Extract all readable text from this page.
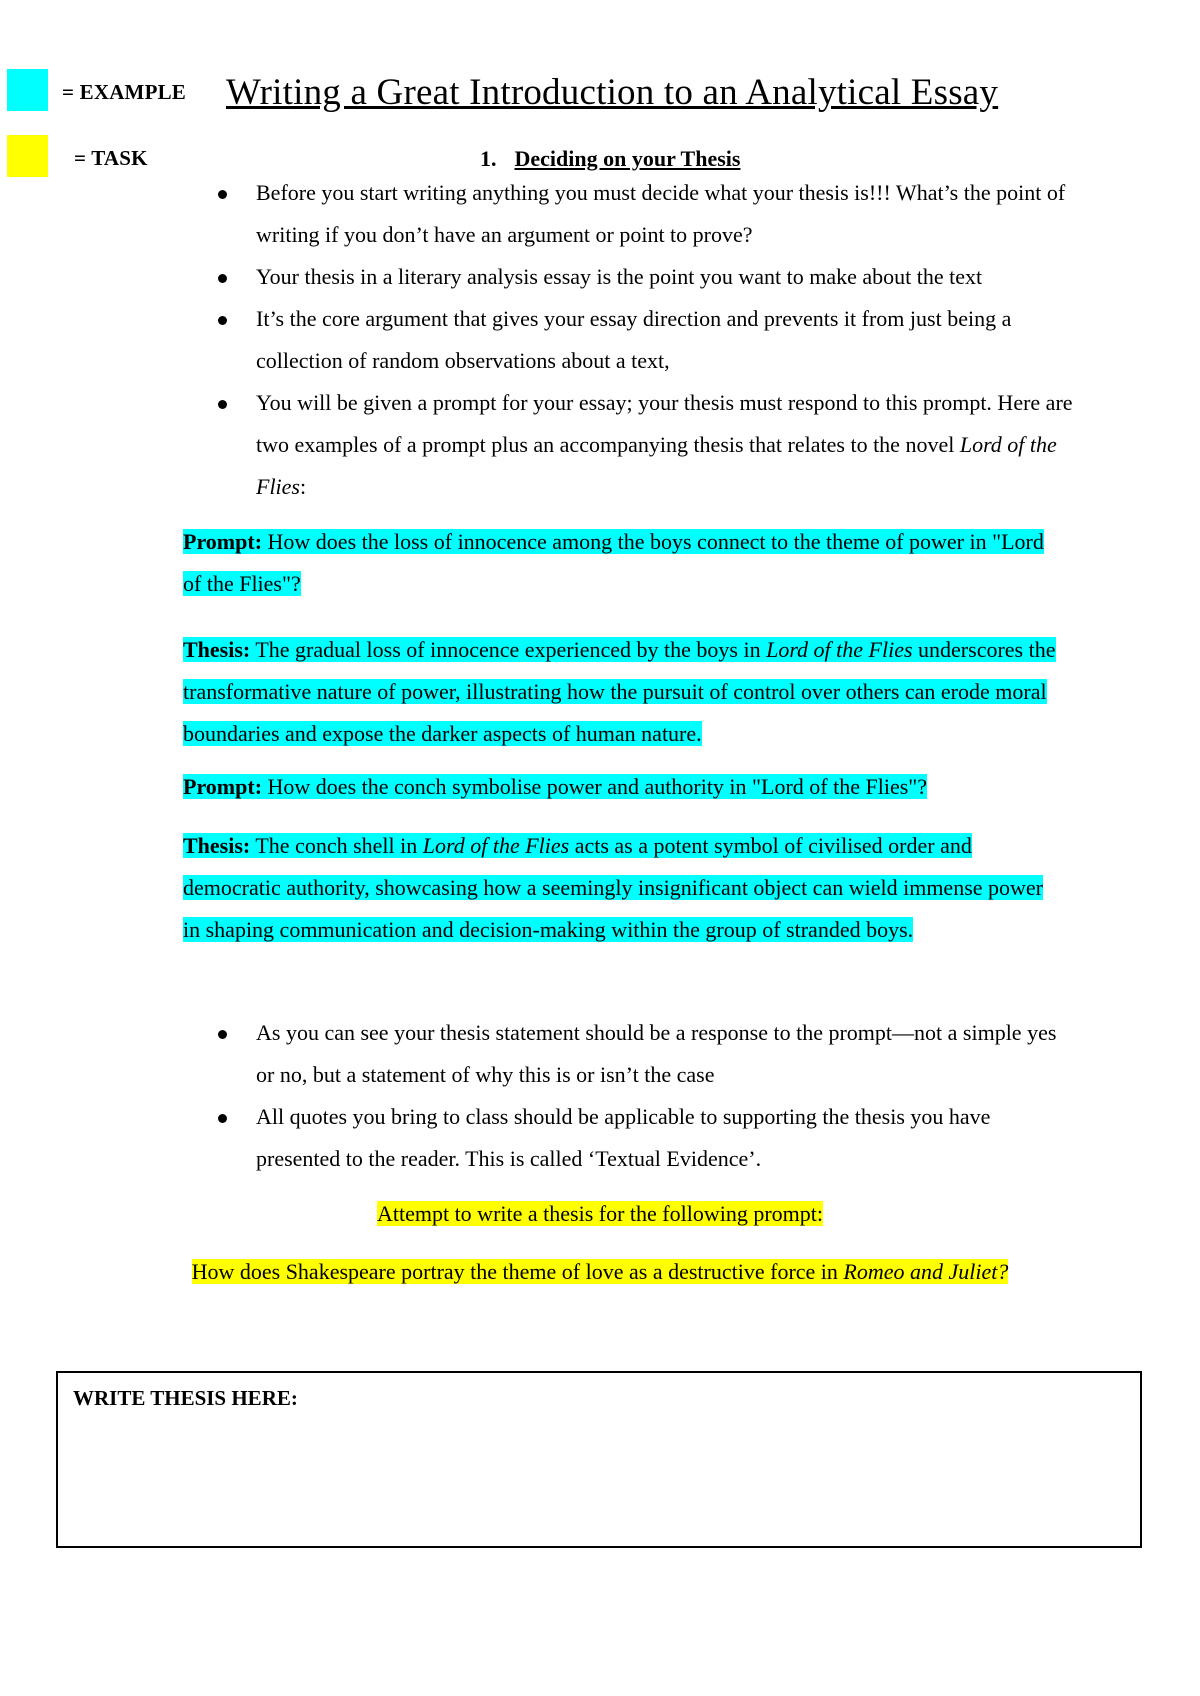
= EXAMPLE
= TASK
Writing a Great Introduction to an Analytical Essay
1. Deciding on your Thesis
Before you start writing anything you must decide what your thesis is!!! What’s the point of writing if you don’t have an argument or point to prove?
Your thesis in a literary analysis essay is the point you want to make about the text
It’s the core argument that gives your essay direction and prevents it from just being a collection of random observations about a text,
You will be given a prompt for your essay; your thesis must respond to this prompt. Here are two examples of a prompt plus an accompanying thesis that relates to the novel Lord of the Flies:

Prompt: How does the loss of innocence among the boys connect to the theme of power in "Lord of the Flies"?

Thesis: The gradual loss of innocence experienced by the boys in Lord of the Flies underscores the transformative nature of power, illustrating how the pursuit of control over others can erode moral boundaries and expose the darker aspects of human nature.

Prompt: How does the conch symbolise power and authority in "Lord of the Flies"?

Thesis: The conch shell in Lord of the Flies acts as a potent symbol of civilised order and democratic authority, showcasing how a seemingly insignificant object can wield immense power in shaping communication and decision-making within the group of stranded boys.

As you can see your thesis statement should be a response to the prompt—not a simple yes or no, but a statement of why this is or isn’t the case
All quotes you bring to class should be applicable to supporting the thesis you have presented to the reader. This is called ‘Textual Evidence’.

Attempt to write a thesis for the following prompt:

How does Shakespeare portray the theme of love as a destructive force in Romeo and Juliet?

WRITE THESIS HERE:
